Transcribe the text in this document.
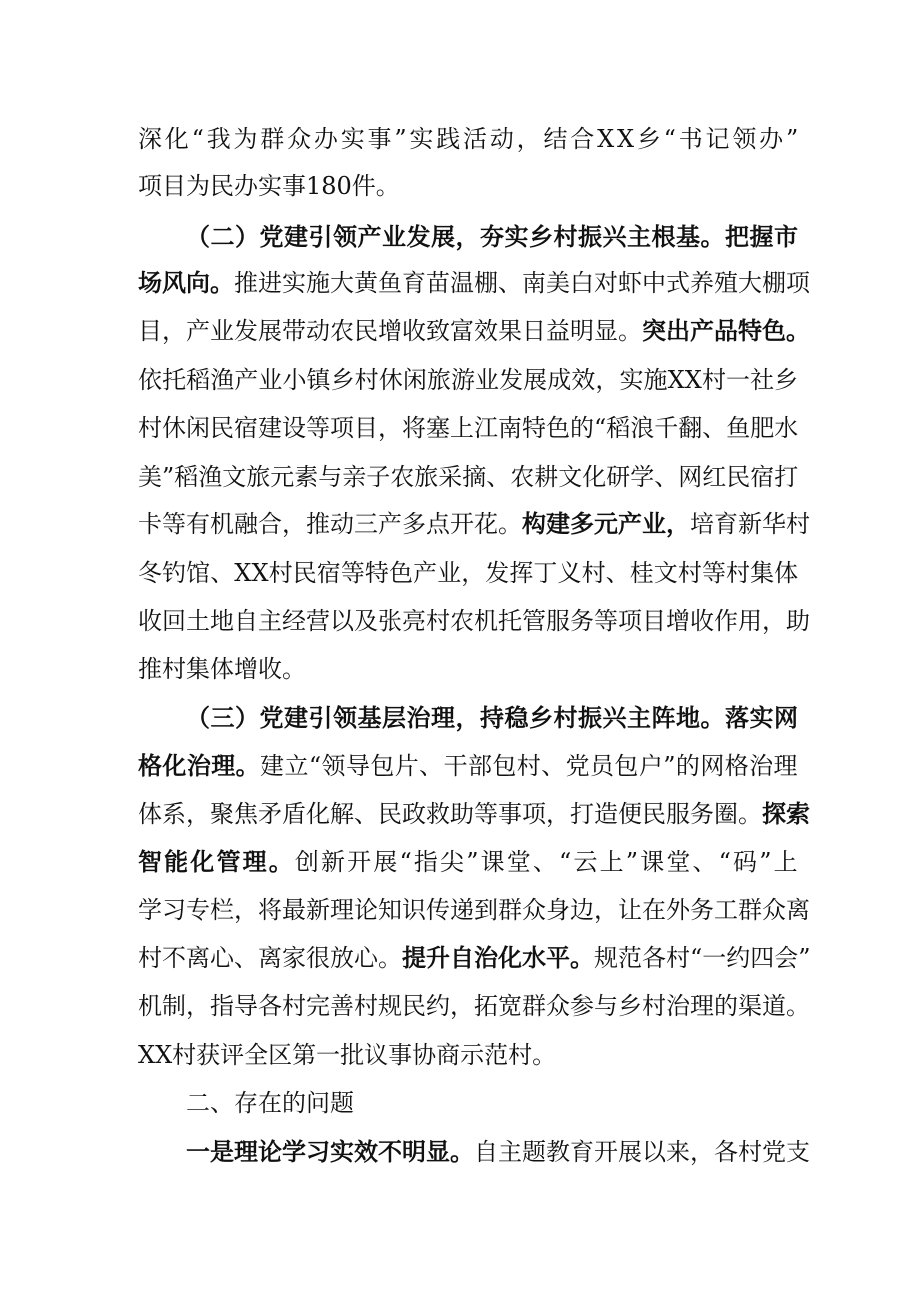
深化“我为群众办实事”实践活动，结合XX乡“书记领办”

项目为民办实事180件。

（二）党建引领产业发展，夯实乡村振兴主根基。把握市

场风向。推进实施大黄鱼育苗温棚、南美白对虾中式养殖大棚项

目，产业发展带动农民增收致富效果日益明显。突出产品特色。

依托稻渔产业小镇乡村休闲旅游业发展成效，实施XX村一社乡

村休闲民宿建设等项目，将塞上江南特色的“稻浪千翻、鱼肥水

美”稻渔文旅元素与亲子农旅采摘、农耕文化研学、网红民宿打

卡等有机融合，推动三产多点开花。构建多元产业，培育新华村

冬钓馆、XX村民宿等特色产业，发挥丁义村、桂文村等村集体

收回土地自主经营以及张亮村农机托管服务等项目增收作用，助

推村集体增收。

（三）党建引领基层治理，持稳乡村振兴主阵地。落实网

格化治理。建立“领导包片、干部包村、党员包户”的网格治理

体系，聚焦矛盾化解、民政救助等事项，打造便民服务圈。探索

智能化管理。创新开展“指尖”课堂、“云上”课堂、“码”上

学习专栏，将最新理论知识传递到群众身边，让在外务工群众离

村不离心、离家很放心。提升自治化水平。规范各村“一约四会”

机制，指导各村完善村规民约，拓宽群众参与乡村治理的渠道。

XX村获评全区第一批议事协商示范村。

二、存在的问题

一是理论学习实效不明显。自主题教育开展以来，各村党支
